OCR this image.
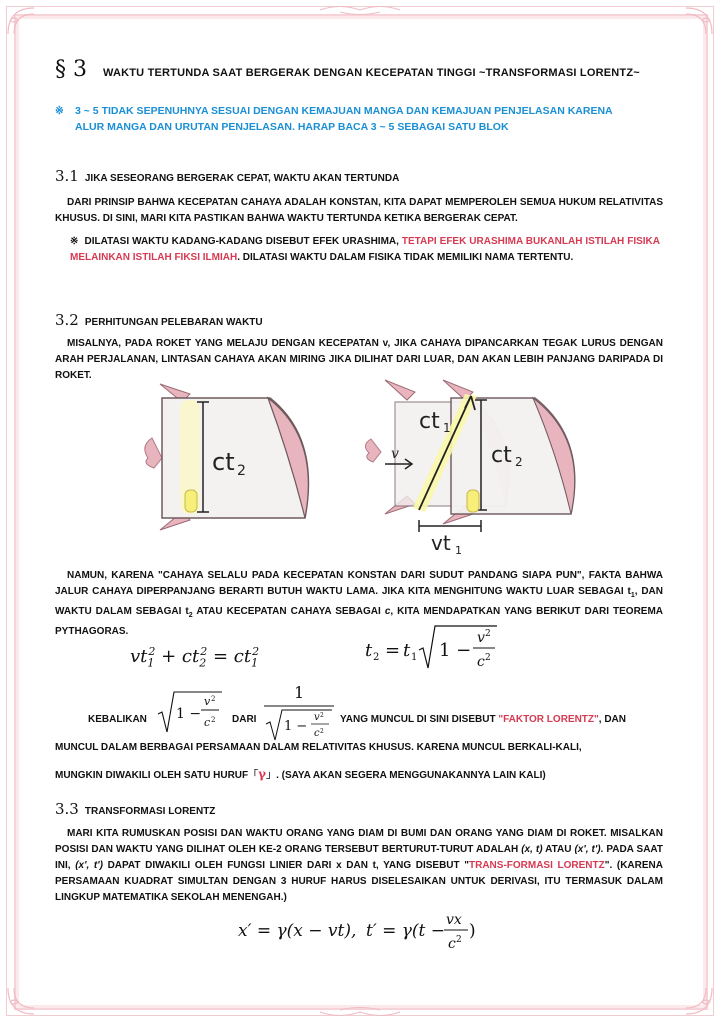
§ 3 WAKTU TERTUNDA SAAT BERGERAK DENGAN KECEPATAN TINGGI ~TRANSFORMASI LORENTZ~
※ 3 ~ 5 TIDAK SEPENUHNYA SESUAI DENGAN KEMAJUAN MANGA DAN KEMAJUAN PENJELASAN KARENA
ALUR MANGA DAN URUTAN PENJELASAN. HARAP BACA 3 ~ 5 SEBAGAI SATU BLOK
3.1 JIKA SESEORANG BERGERAK CEPAT, WAKTU AKAN TERTUNDA
DARI PRINSIP BAHWA KECEPATAN CAHAYA ADALAH KONSTAN, KITA DAPAT MEMPEROLEH SEMUA HUKUM RELATIVITAS KHUSUS. DI SINI, MARI KITA PASTIKAN BAHWA WAKTU TERTUNDA KETIKA BERGERAK CEPAT.
※ DILATASI WAKTU KADANG-KADANG DISEBUT EFEK URASHIMA, TETAPI EFEK URASHIMA BUKANLAH ISTILAH FISIKA MELAINKAN ISTILAH FIKSI ILMIAH. DILATASI WAKTU DALAM FISIKA TIDAK MEMILIKI NAMA TERTENTU.
3.2 PERHITUNGAN PELEBARAN WAKTU
MISALNYA, PADA ROKET YANG MELAJU DENGAN KECEPATAN v, JIKA CAHAYA DIPANCARKAN TEGAK LURUS DENGAN ARAH PERJALANAN, LINTASAN CAHAYA AKAN MIRING JIKA DILIHAT DARI LUAR, DAN AKAN LEBIH PANJANG DARIPADA DI ROKET.
ct 2
v
ct 1
ct 2
vt 1
NAMUN, KARENA "CAHAYA SELALU PADA KECEPATAN KONSTAN DARI SUDUT PANDANG SIAPA PUN", FAKTA BAHWA JALUR CAHAYA DIPERPANJANG BERARTI BUTUH WAKTU LAMA. JIKA KITA MENGHITUNG WAKTU LUAR SEBAGAI $t_1$, DAN WAKTU DALAM SEBAGAI $t_2$ ATAU KECEPATAN CAHAYA SEBAGAI c, KITA MENDAPATKAN YANG BERIKUT DARI TEOREMA PYTHAGORAS.
$vt_1^2 + ct_2^2 = ct_1^2$	t 2 = t 1 1 −
v 2
c 2
KEBALIKAN 1 −
v 2
c 2 DARI
1
1 −
v 2
c 2
YANG MUNCUL DI SINI DISEBUT "FAKTOR LORENTZ", DAN
MUNCUL DALAM BERBAGAI PERSAMAAN DALAM RELATIVITAS KHUSUS. KARENA MUNCUL BERKALI-KALI,
MUNGKIN DIWAKILI OLEH SATU HURUF「γ」. (SAYA AKAN SEGERA MENGGUNAKANNYA LAIN KALI)
3.3 TRANSFORMASI LORENTZ
MARI KITA RUMUSKAN POSISI DAN WAKTU ORANG YANG DIAM DI BUMI DAN ORANG YANG DIAM DI ROKET. MISALKAN POSISI DAN WAKTU YANG DILIHAT OLEH KE-2 ORANG TERSEBUT BERTURUT-TURUT ADALAH (x, t) ATAU (x', t'). PADA SAAT INI, (x', t') DAPAT DIWAKILI OLEH FUNGSI LINIER DARI x DAN t, YANG DISEBUT "TRANS-FORMASI LORENTZ". (KARENA PERSAMAAN KUADRAT SIMULTAN DENGAN 3 HURUF HARUS DISELESAIKAN UNTUK DERIVASI, ITU TERMASUK DALAM LINGKUP MATEMATIKA SEKOLAH MENENGAH.)
x′ = γ(x − vt), t′ = γ(t −
vx
c 2 )
